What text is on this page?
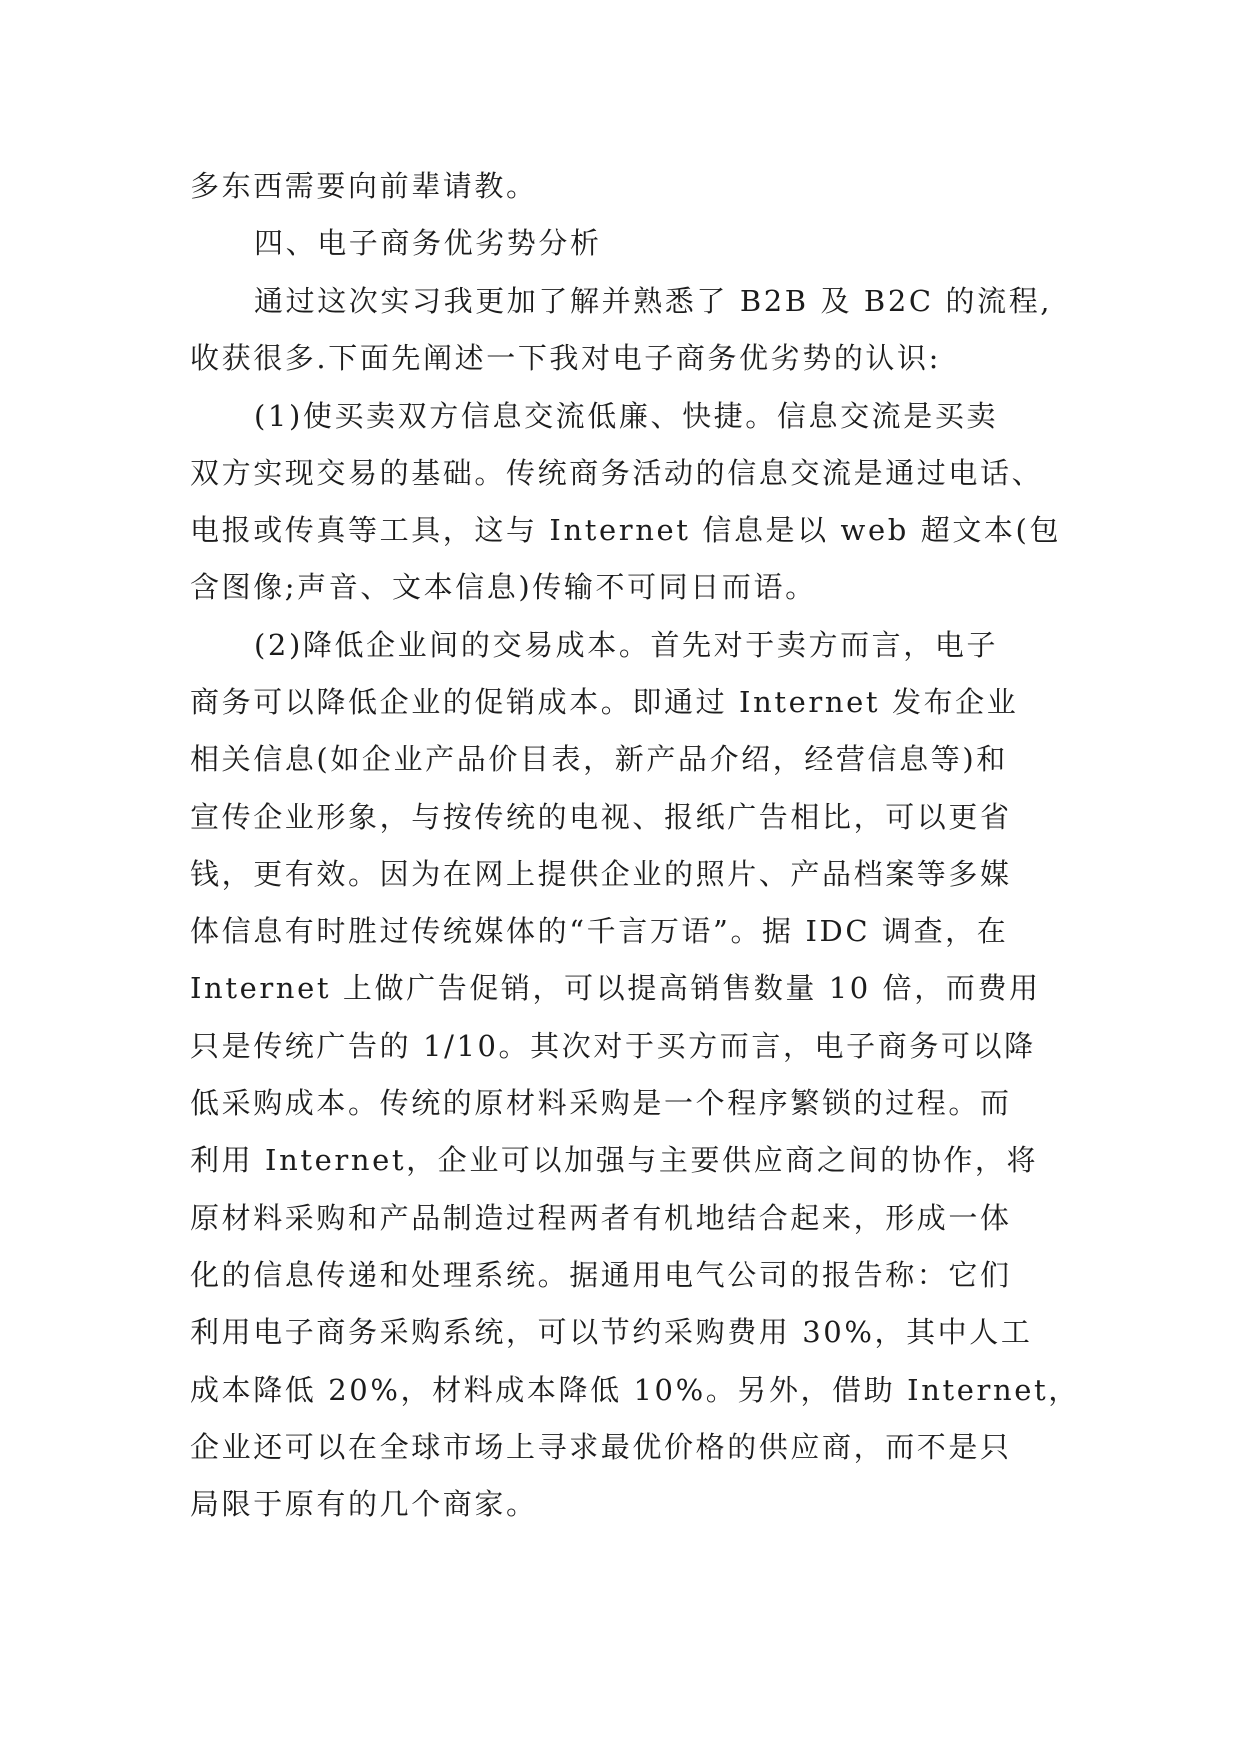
多东西需要向前辈请教。
四、电子商务优劣势分析
通过这次实习我更加了解并熟悉了 B2B 及 B2C 的流程,
收获很多.下面先阐述一下我对电子商务优劣势的认识:
(1)使买卖双方信息交流低廉、快捷。信息交流是买卖
双方实现交易的基础。传统商务活动的信息交流是通过电话、
电报或传真等工具，这与 Internet 信息是以 web 超文本(包
含图像;声音、文本信息)传输不可同日而语。
(2)降低企业间的交易成本。首先对于卖方而言，电子
商务可以降低企业的促销成本。即通过 Internet 发布企业
相关信息(如企业产品价目表，新产品介绍，经营信息等)和
宣传企业形象，与按传统的电视、报纸广告相比，可以更省
钱，更有效。因为在网上提供企业的照片、产品档案等多媒
体信息有时胜过传统媒体的“千言万语”。据 IDC 调查，在
Internet 上做广告促销，可以提高销售数量 10 倍，而费用
只是传统广告的 1/10。其次对于买方而言，电子商务可以降
低采购成本。传统的原材料采购是一个程序繁锁的过程。而
利用 Internet，企业可以加强与主要供应商之间的协作，将
原材料采购和产品制造过程两者有机地结合起来，形成一体
化的信息传递和处理系统。据通用电气公司的报告称：它们
利用电子商务采购系统，可以节约采购费用 30%，其中人工
成本降低 20%，材料成本降低 10%。另外，借助 Internet，
企业还可以在全球市场上寻求最优价格的供应商，而不是只
局限于原有的几个商家。
